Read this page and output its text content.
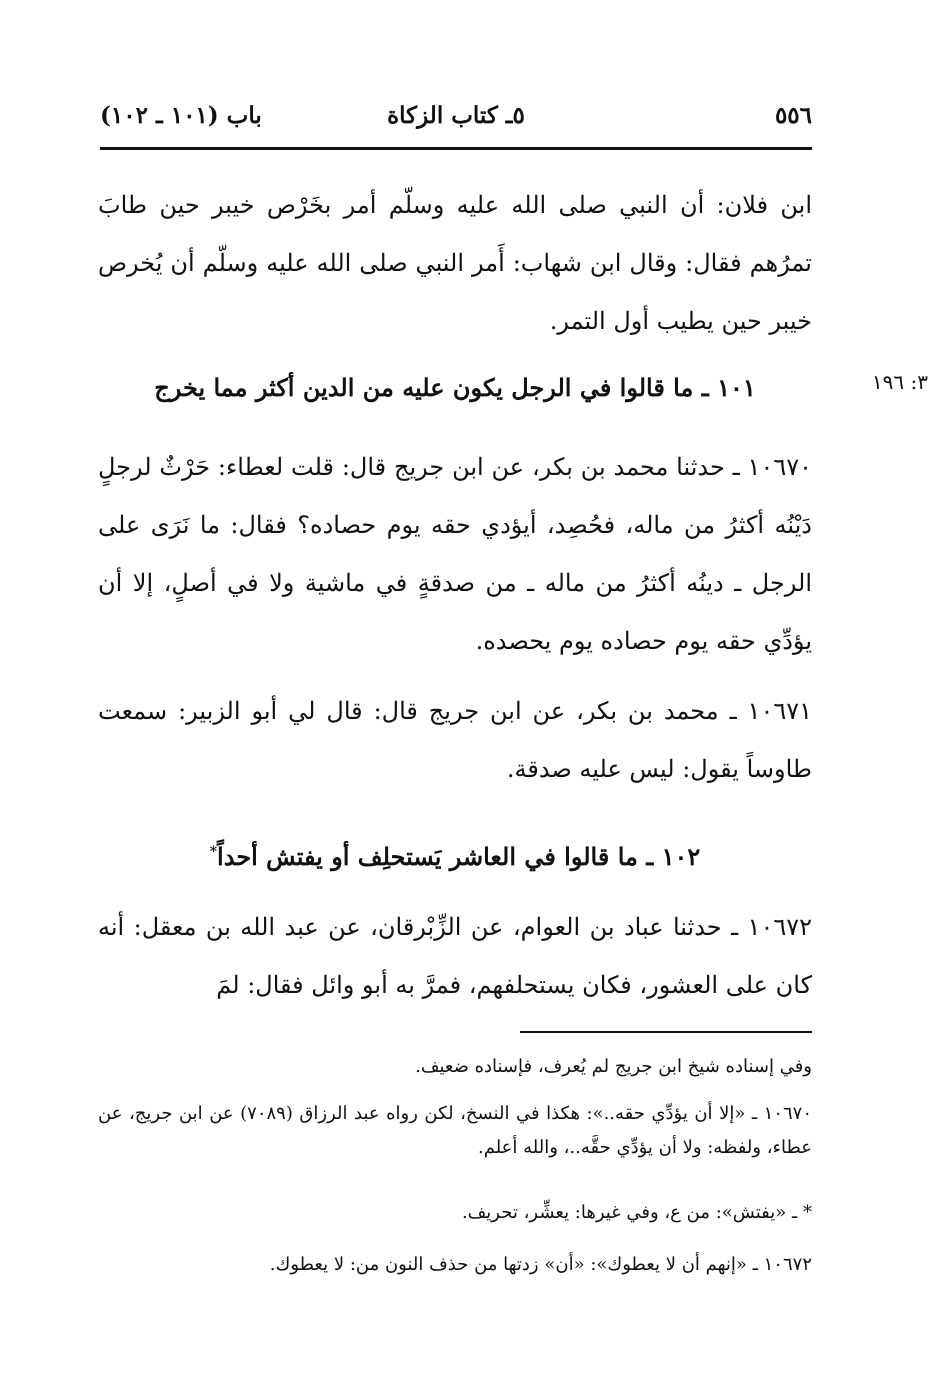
٥٥٦
٥ـ كتاب الزكاة
باب (١٠١ ـ ١٠٢)
ابن فلان: أن النبي صلى الله عليه وسلّم أمر بخَرْص خيبر حين طابَ تمرُهم فقال: وقال ابن شهاب: أَمر النبي صلى الله عليه وسلّم أن يُخرص خيبر حين يطيب أول التمر.
٣: ١٩٦
١٠١ ـ ما قالوا في الرجل يكون عليه من الدين أكثر مما يخرج
١٠٦٧٠ ـ حدثنا محمد بن بكر، عن ابن جريج قال: قلت لعطاء: حَرْثٌ لرجلٍ دَيْنُه أكثرُ من ماله، فحُصِد، أيؤدي حقه يوم حصاده؟ فقال: ما نَرَى على الرجل ـ دينُه أكثرُ من ماله ـ من صدقةٍ في ماشية ولا في أصلٍ، إلا أن يؤدِّي حقه يوم حصاده يوم يحصده.
١٠٦٧١ ـ محمد بن بكر، عن ابن جريج قال: قال لي أبو الزبير: سمعت طاوساً يقول: ليس عليه صدقة.
١٠٢ ـ ما قالوا في العاشر يَستحلِف أو يفتش أحداً*
١٠٦٧٢ ـ حدثنا عباد بن العوام، عن الزِّبْرقان، عن عبد الله بن معقل: أنه كان على العشور، فكان يستحلفهم، فمرَّ به أبو وائل فقال: لمَ
وفي إسناده شيخ ابن جريج لم يُعرف، فإسناده ضعيف.
١٠٦٧٠ ـ «إلا أن يؤدِّي حقه..»: هكذا في النسخ، لكن رواه عبد الرزاق (٧٠٨٩) عن ابن جريج، عن عطاء، ولفظه: ولا أن يؤدِّي حقَّه..، والله أعلم.
* ـ «يفتش»: من ع، وفي غيرها: يعشِّر، تحريف.
١٠٦٧٢ ـ «إنهم أن لا يعطوك»: «أن» زدتها من حذف النون من: لا يعطوك.
